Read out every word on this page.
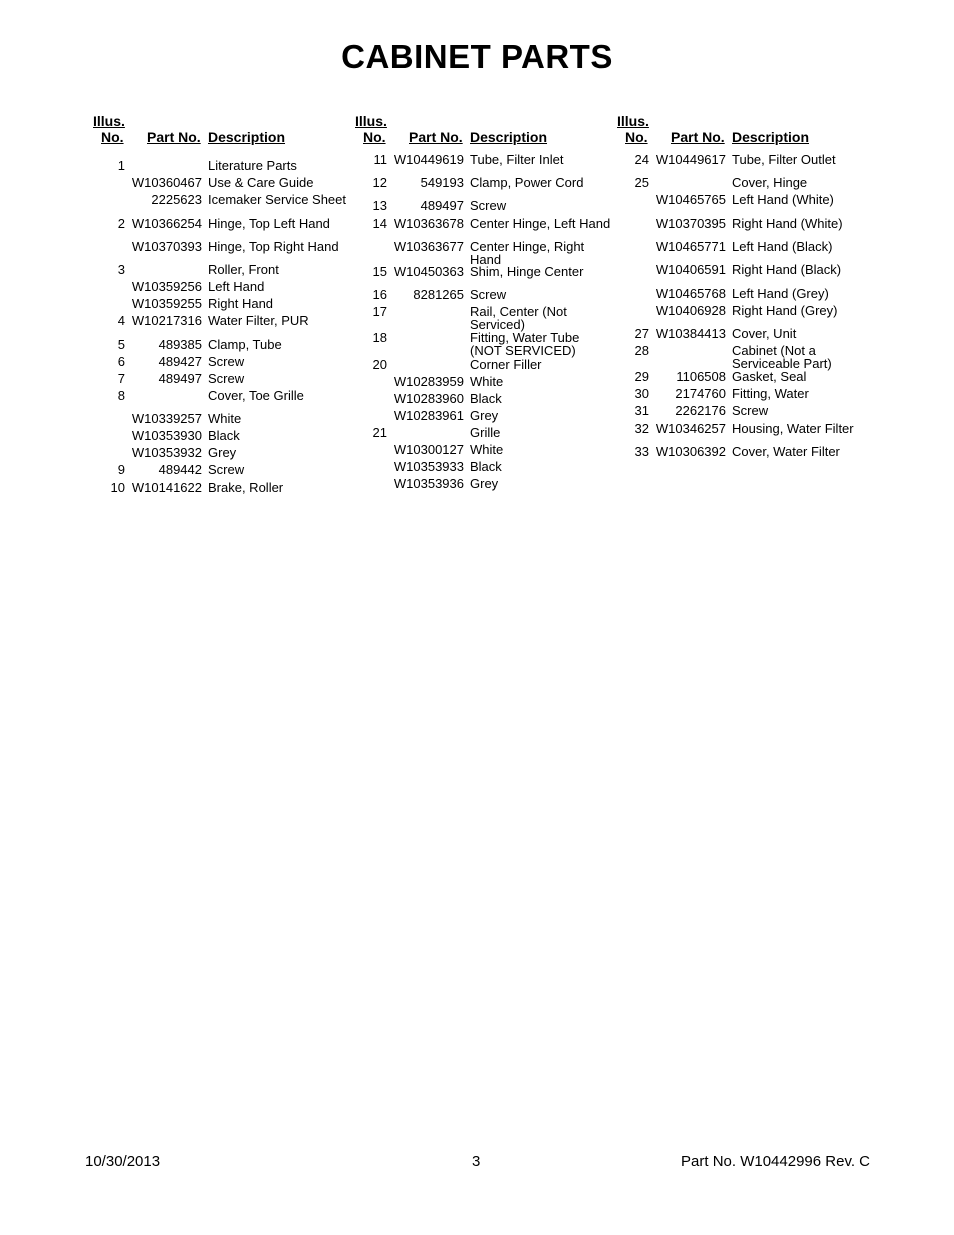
CABINET PARTS
Illus.
No. Part No. Description
1	Literature Parts
W10360467 Use & Care Guide
2225623 Icemaker Service Sheet
2 W10366254 Hinge, Top Left Hand
W10370393 Hinge, Top Right Hand
3	Roller, Front
W10359256 Left Hand
W10359255 Right Hand
4 W10217316 Water Filter, PUR
5	489385 Clamp, Tube
6	489427 Screw
7	489497 Screw
8	Cover, Toe Grille
W10339257 White
W10353930 Black
W10353932 Grey
9	489442 Screw
10 W10141622 Brake, Roller
Illus.
No. Part No. Description
11 W10449619 Tube, Filter Inlet
12	549193 Clamp, Power Cord
13	489497 Screw
14 W10363678 Center Hinge, Left Hand
W10363677 Center Hinge, Right
Hand
15 W10450363 Shim, Hinge Center
16 8281265 Screw
17	Rail, Center (Not
Serviced)
18	Fitting, Water Tube
(NOT SERVICED)
20	Corner Filler
W10283959 White
W10283960 Black
W10283961 Grey
21	Grille
W10300127 White
W10353933 Black
W10353936 Grey
Illus.
No. Part No. Description
24 W10449617 Tube, Filter Outlet
25	Cover, Hinge
W10465765 Left Hand (White)
W10370395 Right Hand (White)
W10465771 Left Hand (Black)
W10406591 Right Hand (Black)
W10465768 Left Hand (Grey)
W10406928 Right Hand (Grey)
27 W10384413 Cover, Unit
28	Cabinet (Not a
Serviceable Part)
29 1106508 Gasket, Seal
30 2174760 Fitting, Water
31 2262176 Screw
32 W10346257 Housing, Water Filter
33 W10306392 Cover, Water Filter
10/30/2013	3	Part No. W10442996 Rev. C
